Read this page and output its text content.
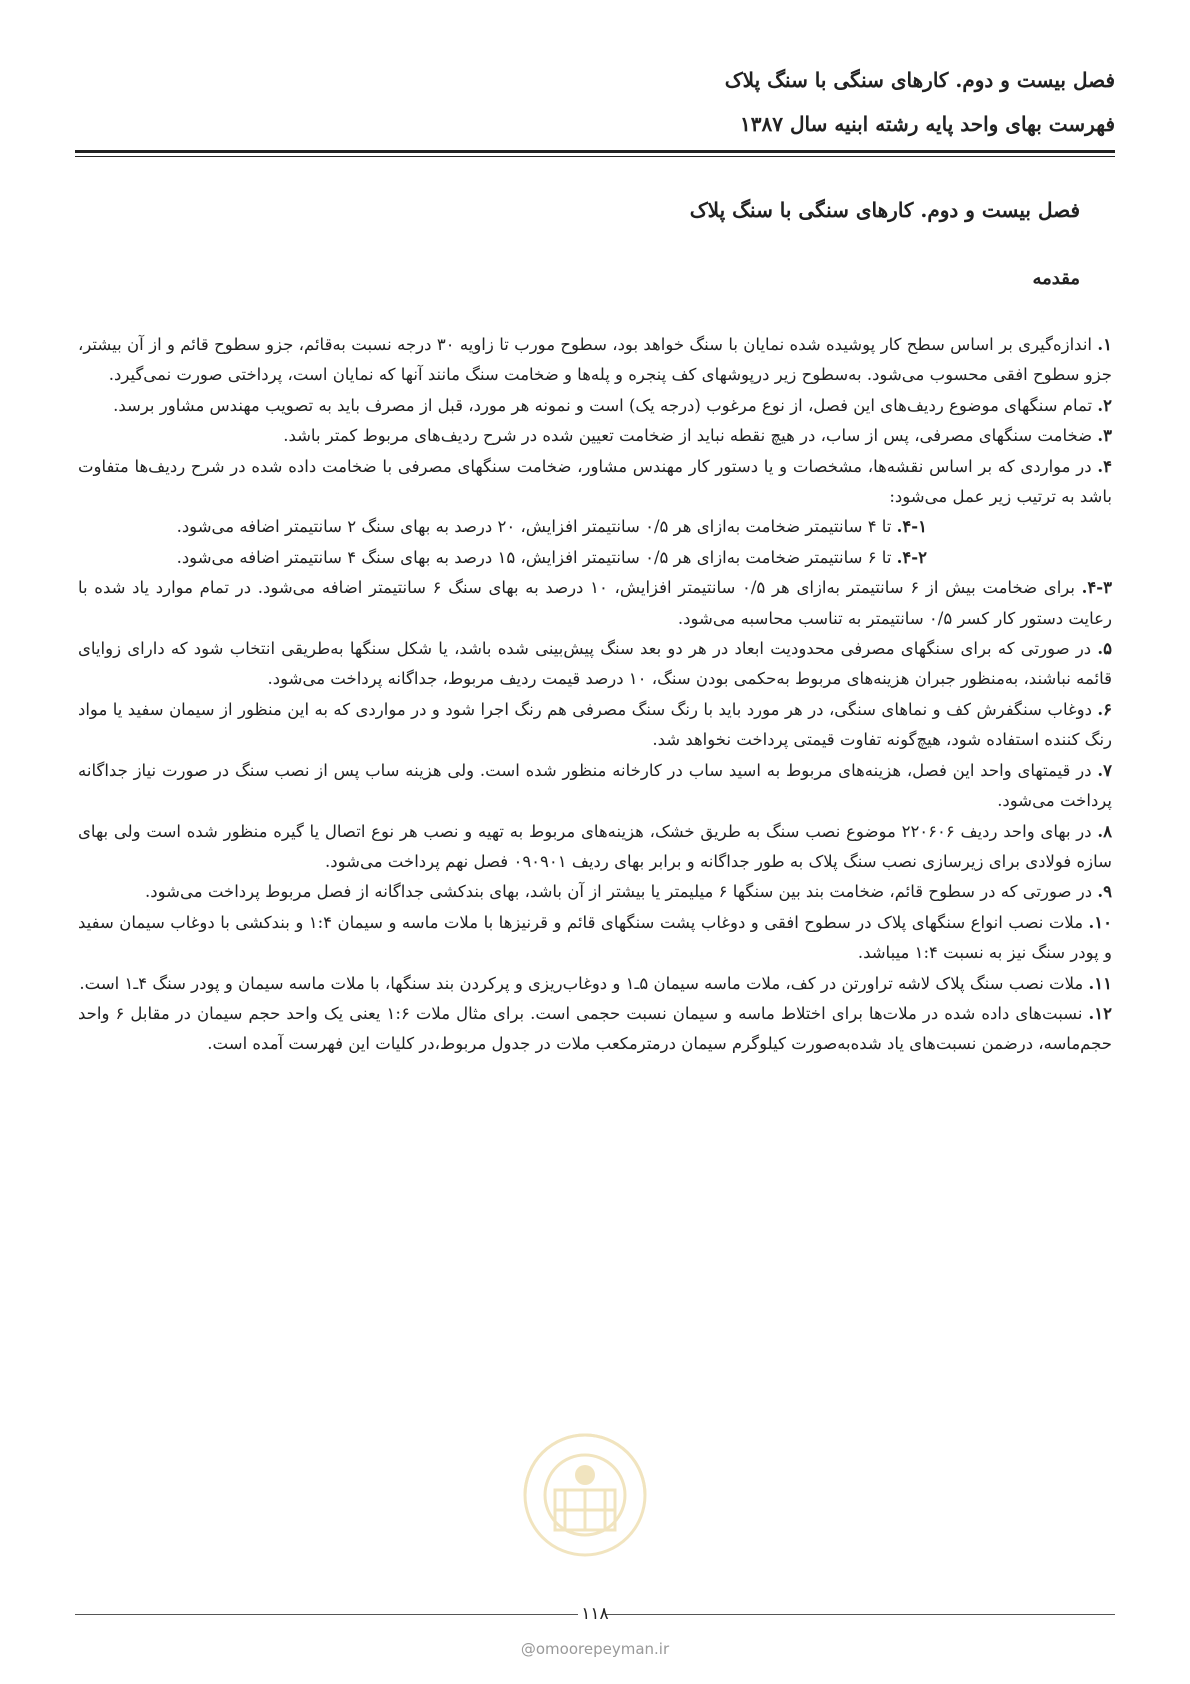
فصل بیست و دوم. کارهای سنگی با سنگ پلاک

فهرست بهای واحد پایه رشته ابنیه سال ۱۳۸۷

فصل بیست و دوم. کارهای سنگی با سنگ پلاک
مقدمه

۱. اندازه‌گیری بر اساس سطح کار پوشیده شده نمایان با سنگ خواهد بود، سطوح مورب تا زاویه ۳۰ درجه نسبت به‌قائم، جزو سطوح قائم و از آن بیشتر، جزو سطوح افقی محسوب می‌شود. به‌سطوح زیر درپوشهای کف پنجره و پله‌ها و ضخامت سنگ مانند آنها که نمایان است، پرداختی صورت نمی‌گیرد.

۲. تمام سنگهای موضوع ردیف‌های این فصل، از نوع مرغوب (درجه یک) است و نمونه هر مورد، قبل از مصرف باید به تصویب مهندس مشاور برسد.

۳. ضخامت سنگهای مصرفی، پس از ساب، در هیچ نقطه نباید از ضخامت تعیین شده در شرح ردیف‌های مربوط کمتر باشد.

۴. در مواردی که بر اساس نقشه‌ها، مشخصات و یا دستور کار مهندس مشاور، ضخامت سنگهای مصرفی با ضخامت داده شده در شرح ردیف‌ها متفاوت باشد به ترتیب زیر عمل می‌شود:

۴-۱. تا ۴ سانتیمتر ضخامت به‌ازای هر ۰/۵ سانتیمتر افزایش، ۲۰ درصد به بهای سنگ ۲ سانتیمتر اضافه می‌شود.

۴-۲. تا ۶ سانتیمتر ضخامت به‌ازای هر ۰/۵ سانتیمتر افزایش، ۱۵ درصد به بهای سنگ ۴ سانتیمتر اضافه می‌شود.

۴-۳. برای ضخامت بیش از ۶ سانتیمتر به‌ازای هر ۰/۵ سانتیمتر افزایش، ۱۰ درصد به بهای سنگ ۶ سانتیمتر اضافه می‌شود. در تمام موارد یاد شده با رعایت دستور کار کسر ۰/۵ سانتیمتر به تناسب محاسبه می‌شود.

۵. در صورتی که برای سنگهای مصرفی محدودیت ابعاد در هر دو بعد سنگ پیش‌بینی شده باشد، یا شکل سنگها به‌طریقی انتخاب شود که دارای زوایای قائمه نباشند، به‌منظور جبران هزینه‌های مربوط به‌حکمی بودن سنگ، ۱۰ درصد قیمت ردیف مربوط، جداگانه پرداخت می‌شود.

۶. دوغاب سنگفرش کف و نماهای سنگی، در هر مورد باید با رنگ سنگ مصرفی هم رنگ اجرا شود و در مواردی که به این منظور از سیمان سفید یا مواد رنگ کننده استفاده شود، هیچ‌گونه تفاوت قیمتی پرداخت نخواهد شد.

۷. در قیمتهای واحد این فصل، هزینه‌های مربوط به اسید ساب در کارخانه منظور شده است. ولی هزینه ساب پس از نصب سنگ در صورت نیاز جداگانه پرداخت می‌شود.

۸. در بهای واحد ردیف ۲۲۰۶۰۶ موضوع نصب سنگ به طریق خشک، هزینه‌های مربوط به تهیه و نصب هر نوع اتصال یا گیره منظور شده است ولی بهای سازه فولادی برای زیرسازی نصب سنگ پلاک به طور جداگانه و برابر بهای ردیف ۰۹۰۹۰۱ فصل نهم پرداخت می‌شود.

۹. در صورتی که در سطوح قائم، ضخامت بند بین سنگها ۶ میلیمتر یا بیشتر از آن باشد، بهای بندکشی جداگانه از فصل مربوط پرداخت می‌شود.

۱۰. ملات نصب انواع سنگهای پلاک در سطوح افقی و دوغاب پشت سنگهای قائم و قرنیزها با ملات ماسه و سیمان ۱:۴ و بندکشی با دوغاب سیمان سفید و پودر سنگ نیز به نسبت ۱:۴ میباشد.

۱۱. ملات نصب سنگ پلاک لاشه تراورتن در کف، ملات ماسه سیمان ۵ـ۱ و دوغاب‌ریزی و پرکردن بند سنگها، با ملات ماسه سیمان و پودر سنگ ۴ـ۱ است.

۱۲. نسبت‌های داده شده در ملات‌ها برای اختلاط ماسه و سیمان نسبت حجمی است. برای مثال ملات ۱:۶ یعنی یک واحد حجم سیمان در مقابل ۶ واحد حجم‌ماسه، درضمن نسبت‌های یاد شده‌به‌صورت کیلوگرم سیمان درمترمکعب ملات در جدول مربوط،در کلیات این فهرست آمده است.

۱۱۸
@omoorepeyman.ir
